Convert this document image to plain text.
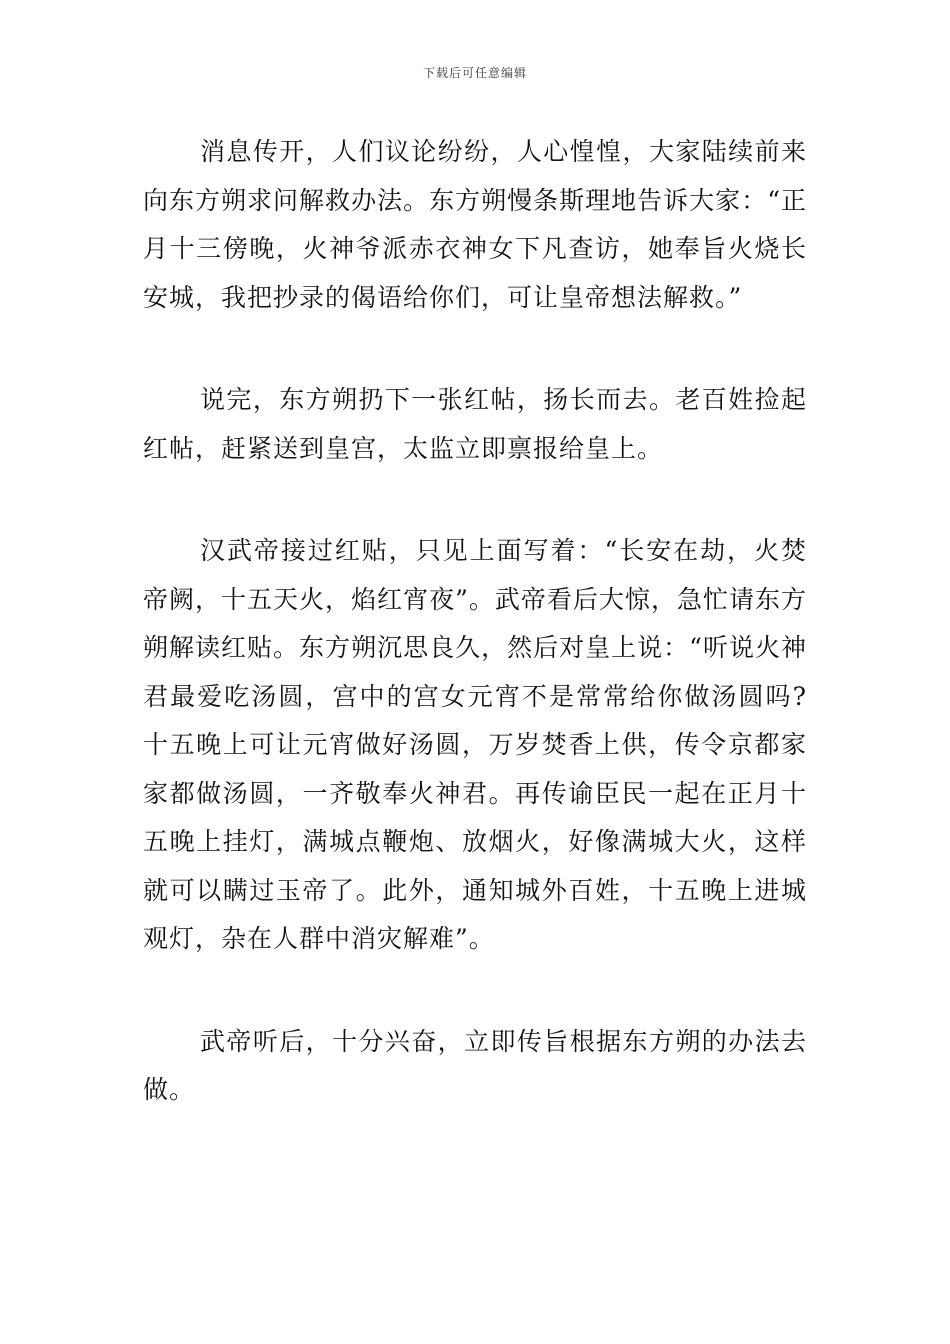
下载后可任意编辑

消息传开，人们议论纷纷，人心惶惶，大家陆续前来向东方朔求问解救办法。东方朔慢条斯理地告诉大家：“正月十三傍晚，火神爷派赤衣神女下凡查访，她奉旨火烧长安城，我把抄录的偈语给你们，可让皇帝想法解救。”

说完，东方朔扔下一张红帖，扬长而去。老百姓捡起红帖，赶紧送到皇宫，太监立即禀报给皇上。

汉武帝接过红贴，只见上面写着：“长安在劫，火焚帝阙，十五天火，焰红宵夜”。武帝看后大惊，急忙请东方朔解读红贴。东方朔沉思良久，然后对皇上说：“听说火神君最爱吃汤圆，宫中的宫女元宵不是常常给你做汤圆吗?十五晚上可让元宵做好汤圆，万岁焚香上供，传令京都家家都做汤圆，一齐敬奉火神君。再传谕臣民一起在正月十五晚上挂灯，满城点鞭炮、放烟火，好像满城大火，这样就可以瞒过玉帝了。此外，通知城外百姓，十五晚上进城观灯，杂在人群中消灾解难”。

武帝听后，十分兴奋，立即传旨根据东方朔的办法去做。
